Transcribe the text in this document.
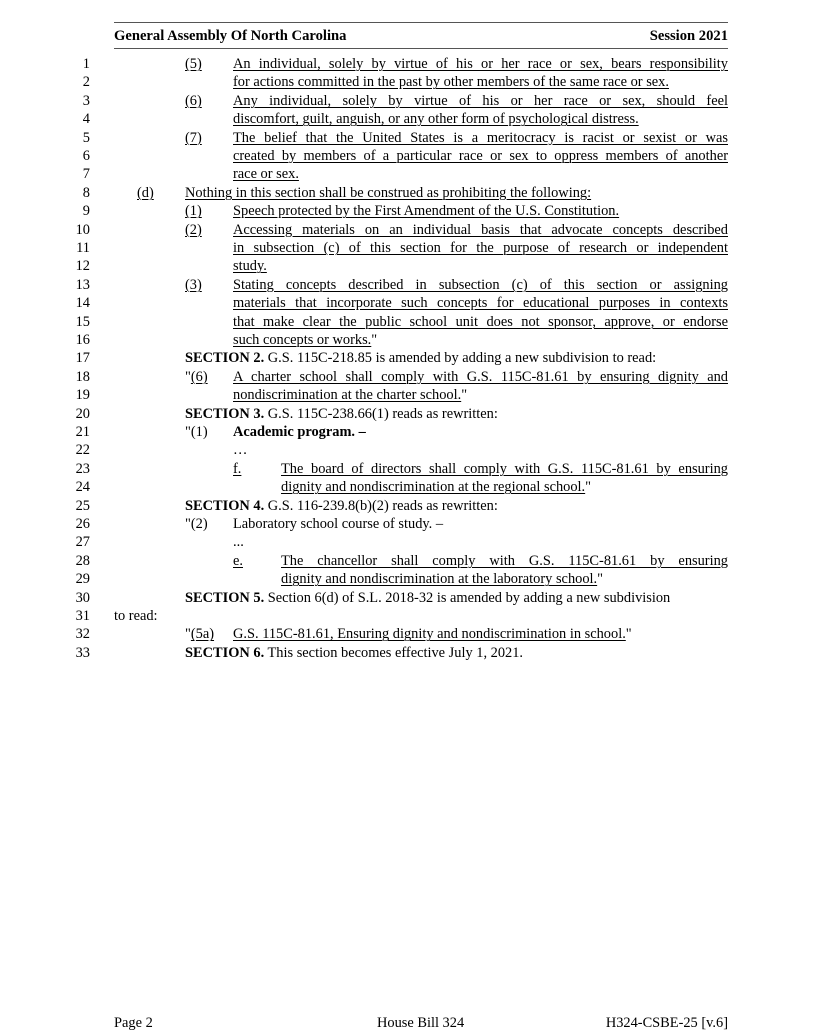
General Assembly Of North Carolina	Session 2021
1	(5) An individual, solely by virtue of his or her race or sex, bears responsibility
2	for actions committed in the past by other members of the same race or sex.
3	(6) Any individual, solely by virtue of his or her race or sex, should feel
4	discomfort, guilt, anguish, or any other form of psychological distress.
5	(7) The belief that the United States is a meritocracy is racist or sexist or was
6	created by members of a particular race or sex to oppress members of another
7	race or sex.
8	(d) Nothing in this section shall be construed as prohibiting the following:
9	(1) Speech protected by the First Amendment of the U.S. Constitution.
10	(2) Accessing materials on an individual basis that advocate concepts described
11	in subsection (c) of this section for the purpose of research or independent
12	study.
13	(3) Stating concepts described in subsection (c) of this section or assigning
14	materials that incorporate such concepts for educational purposes in contexts
15	that make clear the public school unit does not sponsor, approve, or endorse
16	such concepts or works."
17	SECTION 2. G.S. 115C-218.85 is amended by adding a new subdivision to read:
18	"(6) A charter school shall comply with G.S. 115C-81.61 by ensuring dignity and
19	nondiscrimination at the charter school."
20	SECTION 3. G.S. 115C-238.66(1) reads as rewritten:
21	"(1) Academic program. –
22	…
23	f.	The board of directors shall comply with G.S. 115C-81.61 by ensuring
24	dignity and nondiscrimination at the regional school."
25	SECTION 4. G.S. 116-239.8(b)(2) reads as rewritten:
26	"(2) Laboratory school course of study. –
27	...
28	e.	The chancellor shall comply with G.S. 115C-81.61 by ensuring
29	dignity and nondiscrimination at the laboratory school."
30	SECTION 5. Section 6(d) of S.L. 2018-32 is amended by adding a new subdivision
31 to read:
32	"(5a) G.S. 115C-81.61, Ensuring dignity and nondiscrimination in school."
33	SECTION 6. This section becomes effective July 1, 2021.
Page 2	House Bill 324	H324-CSBE-25 [v.6]
